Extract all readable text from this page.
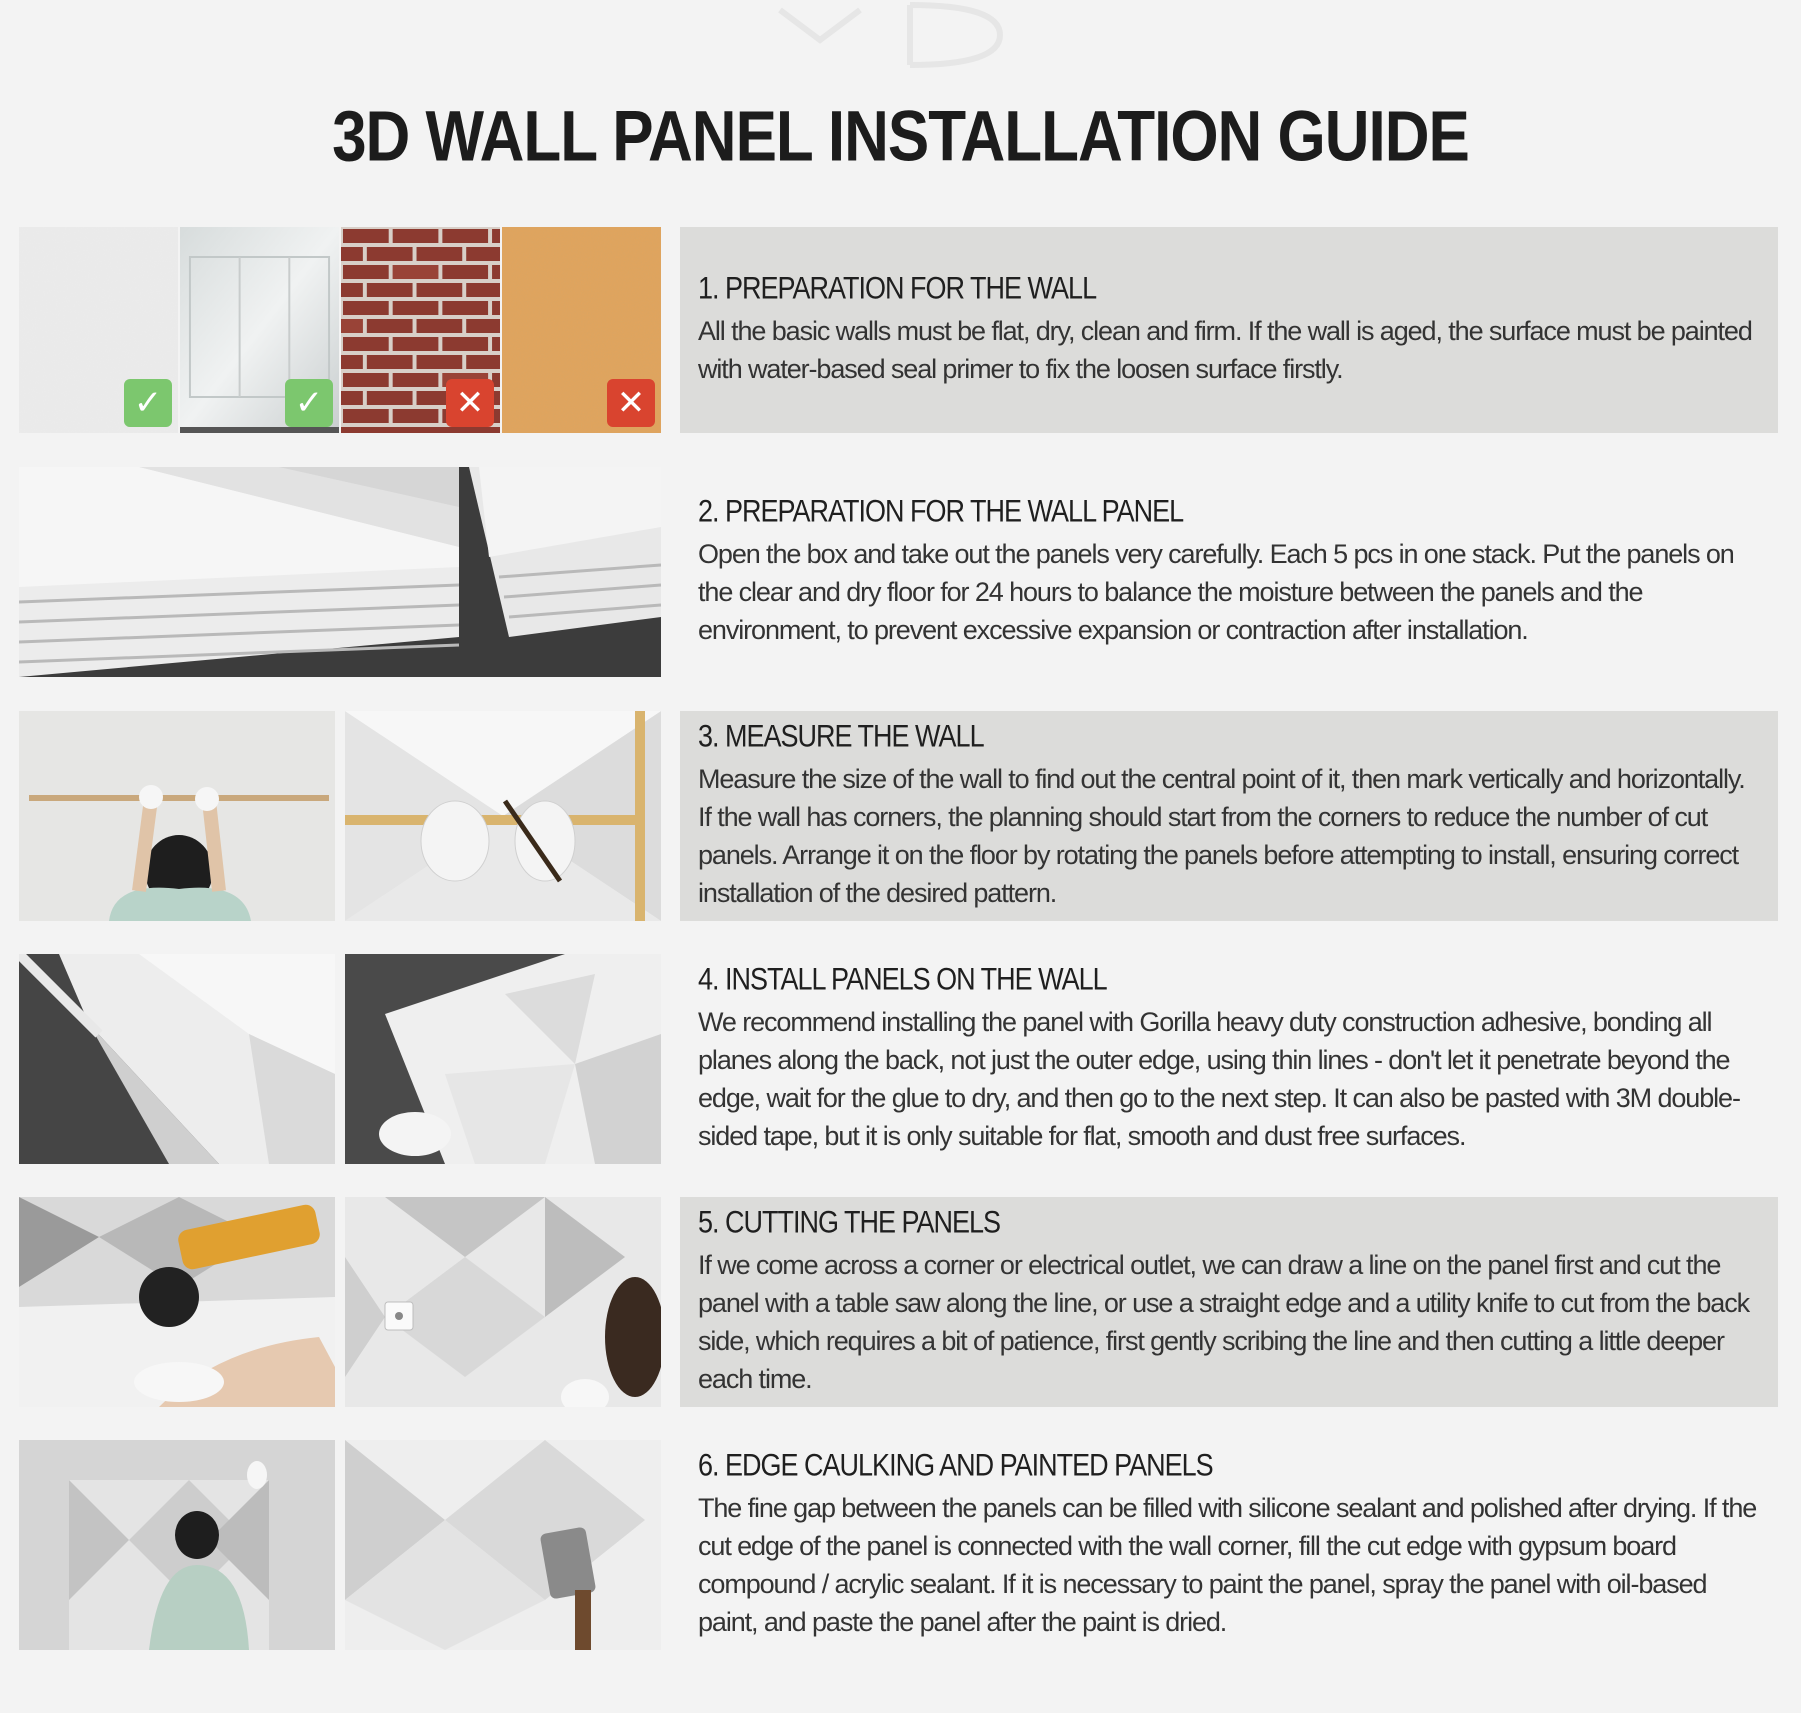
3D WALL PANEL INSTALLATION GUIDE
✓	✓	✕	✕
1. PREPARATION FOR THE WALL
All the basic walls must be flat, dry, clean and firm. If the wall is aged, the surface must be painted with water-based seal primer to fix the loosen surface firstly.
2. PREPARATION FOR THE WALL PANEL
Open the box and take out the panels very carefully. Each 5 pcs in one stack. Put the panels on the clear and dry floor for 24 hours to balance the moisture between the panels and the environment, to prevent excessive expansion or contraction after installation.
3. MEASURE THE WALL
Measure the size of the wall to find out the central point of it, then mark vertically and horizontally. If the wall has corners, the planning should start from the corners to reduce the number of cut panels. Arrange it on the floor by rotating the panels before attempting to install, ensuring correct installation of the desired pattern.
4. INSTALL PANELS ON THE WALL
We recommend installing the panel with Gorilla heavy duty construction adhesive, bonding all planes along the back, not just the outer edge, using thin lines - don't let it penetrate beyond the edge, wait for the glue to dry, and then go to the next step. It can also be pasted with 3M double-sided tape, but it is only suitable for flat, smooth and dust free surfaces.
5. CUTTING THE PANELS
If we come across a corner or electrical outlet, we can draw a line on the panel first and cut the panel with a table saw along the line, or use a straight edge and a utility knife to cut from the back side, which requires a bit of patience, first gently scribing the line and then cutting a little deeper each time.
6. EDGE CAULKING AND PAINTED PANELS
The fine gap between the panels can be filled with silicone sealant and polished after drying. If the cut edge of the panel is connected with the wall corner, fill the cut edge with gypsum board compound / acrylic sealant. If it is necessary to paint the panel, spray the panel with oil-based paint, and paste the panel after the paint is dried.
